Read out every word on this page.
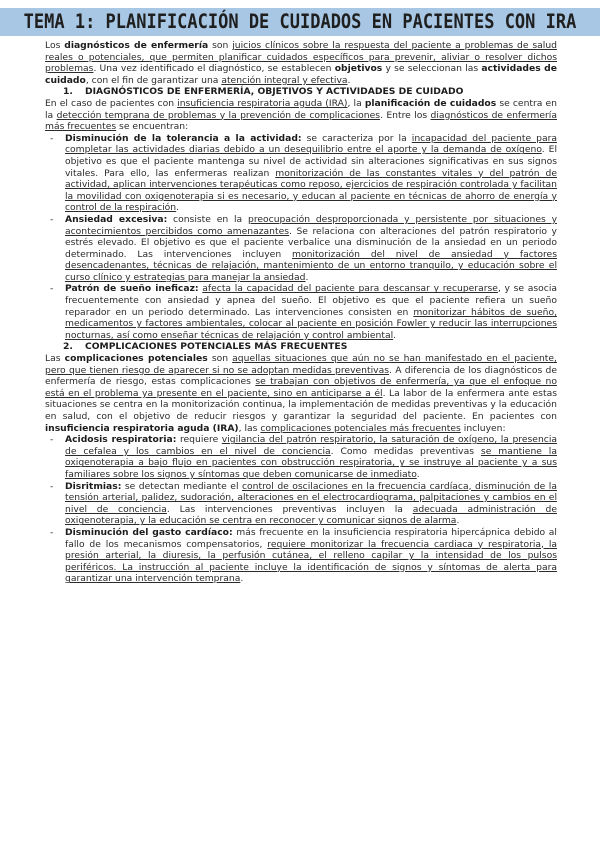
TEMA 1: PLANIFICACIÓN DE CUIDADOS EN PACIENTES CON IRA

Los diagnósticos de enfermería son juicios clínicos sobre la respuesta del paciente a problemas de salud reales o potenciales, que permiten planificar cuidados específicos para prevenir, aliviar o resolver dichos problemas. Una vez identificado el diagnóstico, se establecen objetivos y se seleccionan las actividades de cuidado, con el fin de garantizar una atención integral y efectiva.

1. DIAGNÓSTICOS DE ENFERMERÍA, OBJETIVOS Y ACTIVIDADES DE CUIDADO

En el caso de pacientes con insuficiencia respiratoria aguda (IRA), la planificación de cuidados se centra en la detección temprana de problemas y la prevención de complicaciones. Entre los diagnósticos de enfermería más frecuentes se encuentran:

- Disminución de la tolerancia a la actividad: se caracteriza por la incapacidad del paciente para completar las actividades diarias debido a un desequilibrio entre el aporte y la demanda de oxígeno. El objetivo es que el paciente mantenga su nivel de actividad sin alteraciones significativas en sus signos vitales. Para ello, las enfermeras realizan monitorización de las constantes vitales y del patrón de actividad, aplican intervenciones terapéuticas como reposo, ejercicios de respiración controlada y facilitan la movilidad con oxigenoterapia si es necesario, y educan al paciente en técnicas de ahorro de energía y control de la respiración.
- Ansiedad excesiva: consiste en la preocupación desproporcionada y persistente por situaciones y acontecimientos percibidos como amenazantes. Se relaciona con alteraciones del patrón respiratorio y estrés elevado. El objetivo es que el paciente verbalice una disminución de la ansiedad en un periodo determinado. Las intervenciones incluyen monitorización del nivel de ansiedad y factores desencadenantes, técnicas de relajación, mantenimiento de un entorno tranquilo, y educación sobre el curso clínico y estrategias para manejar la ansiedad.
- Patrón de sueño ineficaz: afecta la capacidad del paciente para descansar y recuperarse, y se asocia frecuentemente con ansiedad y apnea del sueño. El objetivo es que el paciente refiera un sueño reparador en un periodo determinado. Las intervenciones consisten en monitorizar hábitos de sueño, medicamentos y factores ambientales, colocar al paciente en posición Fowler y reducir las interrupciones nocturnas, así como enseñar técnicas de relajación y control ambiental.

2. COMPLICACIONES POTENCIALES MÁS FRECUENTES

Las complicaciones potenciales son aquellas situaciones que aún no se han manifestado en el paciente, pero que tienen riesgo de aparecer si no se adoptan medidas preventivas. A diferencia de los diagnósticos de enfermería de riesgo, estas complicaciones se trabajan con objetivos de enfermería, ya que el enfoque no está en el problema ya presente en el paciente, sino en anticiparse a él. La labor de la enfermera ante estas situaciones se centra en la monitorización continua, la implementación de medidas preventivas y la educación en salud, con el objetivo de reducir riesgos y garantizar la seguridad del paciente. En pacientes con insuficiencia respiratoria aguda (IRA), las complicaciones potenciales más frecuentes incluyen:

- Acidosis respiratoria: requiere vigilancia del patrón respiratorio, la saturación de oxígeno, la presencia de cefalea y los cambios en el nivel de conciencia. Como medidas preventivas se mantiene la oxigenoterapia a bajo flujo en pacientes con obstrucción respiratoria, y se instruye al paciente y a sus familiares sobre los signos y síntomas que deben comunicarse de inmediato.
- Disritmias: se detectan mediante el control de oscilaciones en la frecuencia cardíaca, disminución de la tensión arterial, palidez, sudoración, alteraciones en el electrocardiograma, palpitaciones y cambios en el nivel de conciencia. Las intervenciones preventivas incluyen la adecuada administración de oxigenoterapia, y la educación se centra en reconocer y comunicar signos de alarma.
- Disminución del gasto cardíaco: más frecuente en la insuficiencia respiratoria hipercápnica debido al fallo de los mecanismos compensatorios, requiere monitorizar la frecuencia cardiaca y respiratoria, la presión arterial, la diuresis, la perfusión cutánea, el relleno capilar y la intensidad de los pulsos periféricos. La instrucción al paciente incluye la identificación de signos y síntomas de alerta para garantizar una intervención temprana.
